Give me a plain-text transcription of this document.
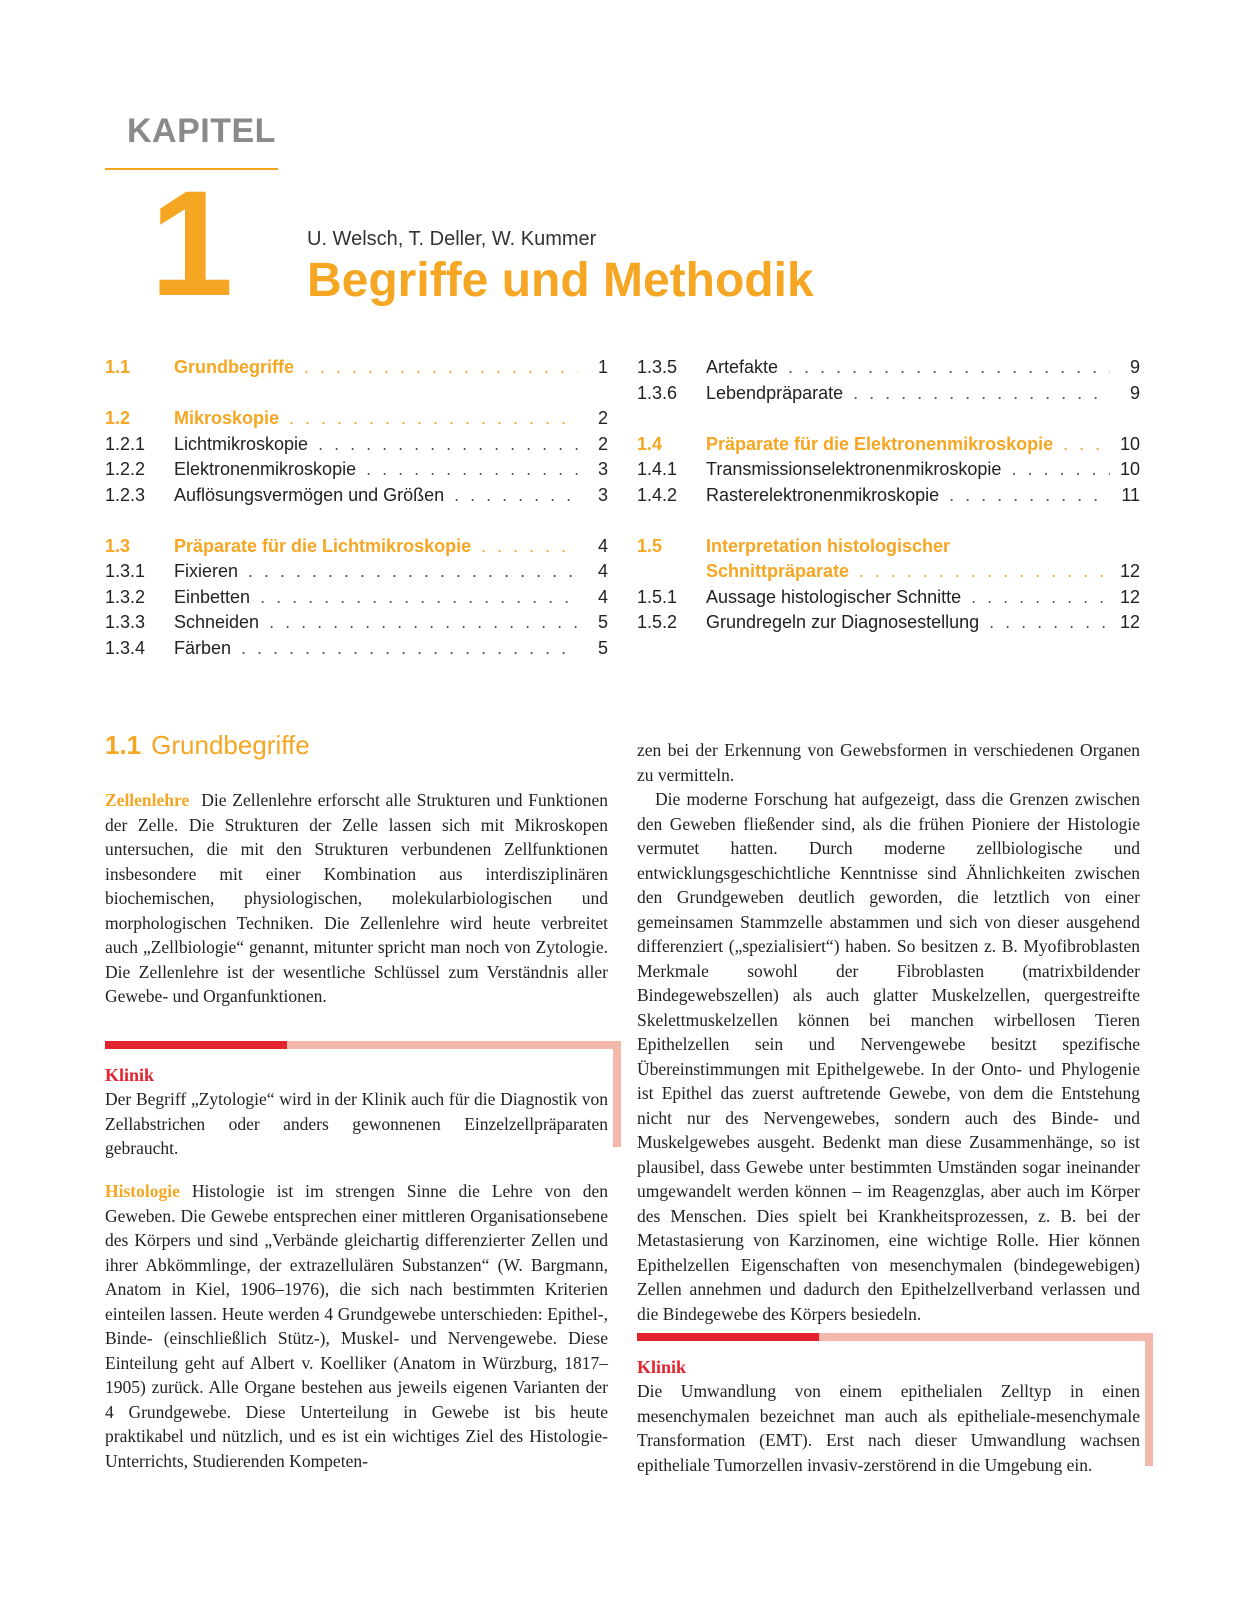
KAPITEL
1	U. Welsch, T. Deller, W. Kummer
Begriffe und Methodik
1.1	Grundbegriffe . . .	1
1.2	Mikroskopie . . .	2
1.2.1	Lichtmikroskopie . . .	2
1.2.2	Elektronenmikroskopie . . .	3
1.2.3	Auflösungsvermögen und Größen . . .	3
1.3	Präparate für die Lichtmikroskopie . . .	4
1.3.1	Fixieren . . .	4
1.3.2	Einbetten . . .	4
1.3.3	Schneiden . . .	5
1.3.4	Färben . . .	5
1.3.5	Artefakte . . .	9
1.3.6	Lebendpräparate . . .	9
1.4	Präparate für die Elektronenmikroskopie . . .	10
1.4.1	Transmissionselektronenmikroskopie . . .	10
1.4.2	Rasterelektronenmikroskopie . . .	11
1.5	Interpretation histologischer
Schnittpräparate . . .	12
1.5.1	Aussage histologischer Schnitte . . .	12
1.5.2	Grundregeln zur Diagnosestellung . . .	12
1.1 Grundbegriffe

Zellenlehre Die Zellenlehre erforscht alle Strukturen und Funktionen der Zelle. Die Strukturen der Zelle lassen sich mit Mikroskopen untersuchen, die mit den Strukturen verbundenen Zellfunktionen insbesondere mit einer Kombination aus interdisziplinären biochemischen, physiologischen, molekularbiologischen und morphologischen Techniken. Die Zellenlehre wird heute verbreitet auch „Zellbiologie“ genannt, mitunter spricht man noch von Zytologie. Die Zellenlehre ist der wesentliche Schlüssel zum Verständnis aller Gewebe- und Organfunktionen.

Klinik
Der Begriff „Zytologie“ wird in der Klinik auch für die Diagnostik von Zellabstrichen oder anders gewonnenen Einzelzellpräparaten gebraucht.

Histologie Histologie ist im strengen Sinne die Lehre von den Geweben. Die Gewebe entsprechen einer mittleren Organisationsebene des Körpers und sind „Verbände gleichartig differenzierter Zellen und ihrer Abkömmlinge, der extrazellulären Substanzen“ (W. Bargmann, Anatom in Kiel, 1906–1976), die sich nach bestimmten Kriterien einteilen lassen. Heute werden 4 Grundgewebe unterschieden: Epithel-, Binde- (einschließlich Stütz-), Muskel- und Nervengewebe. Diese Einteilung geht auf Albert v. Koelliker (Anatom in Würzburg, 1817–1905) zurück. Alle Organe bestehen aus jeweils eigenen Varianten der 4 Grundgewebe. Diese Unterteilung in Gewebe ist bis heute praktikabel und nützlich, und es ist ein wichtiges Ziel des Histologie-Unterrichts, Studierenden Kompeten-

zen bei der Erkennung von Gewebsformen in verschiedenen Organen zu vermitteln.

Die moderne Forschung hat aufgezeigt, dass die Grenzen zwischen den Geweben fließender sind, als die frühen Pioniere der Histologie vermutet hatten. Durch moderne zellbiologische und entwicklungsgeschichtliche Kenntnisse sind Ähnlichkeiten zwischen den Grundgeweben deutlich geworden, die letztlich von einer gemeinsamen Stammzelle abstammen und sich von dieser ausgehend differenziert („spezialisiert“) haben. So besitzen z. B. Myofibroblasten Merkmale sowohl der Fibroblasten (matrixbildender Bindegewebszellen) als auch glatter Muskelzellen, quergestreifte Skelettmuskelzellen können bei manchen wirbellosen Tieren Epithelzellen sein und Nervengewebe besitzt spezifische Übereinstimmungen mit Epithelgewebe. In der Onto- und Phylogenie ist Epithel das zuerst auftretende Gewebe, von dem die Entstehung nicht nur des Nervengewebes, sondern auch des Binde- und Muskelgewebes ausgeht. Bedenkt man diese Zusammenhänge, so ist plausibel, dass Gewebe unter bestimmten Umständen sogar ineinander umgewandelt werden können – im Reagenzglas, aber auch im Körper des Menschen. Dies spielt bei Krankheitsprozessen, z. B. bei der Metastasierung von Karzinomen, eine wichtige Rolle. Hier können Epithelzellen Eigenschaften von mesenchymalen (bindegewebigen) Zellen annehmen und dadurch den Epithelzellverband verlassen und die Bindegewebe des Körpers besiedeln.

Klinik
Die Umwandlung von einem epithelialen Zelltyp in einen mesenchymalen bezeichnet man auch als epitheliale-mesenchymale Transformation (EMT). Erst nach dieser Umwandlung wachsen epitheliale Tumorzellen invasiv-zerstörend in die Umgebung ein.
